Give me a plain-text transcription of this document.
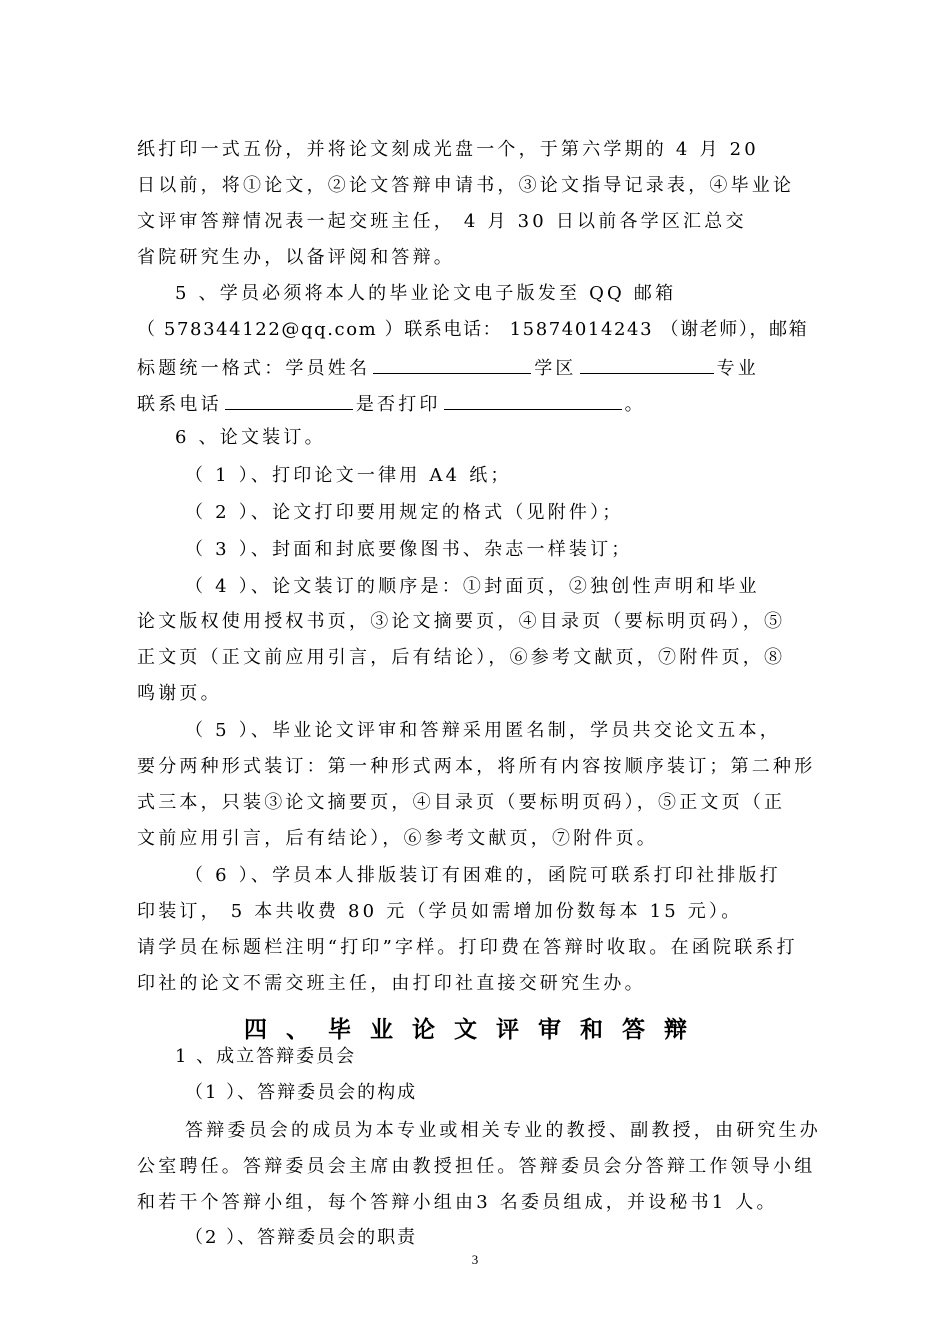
纸打印一式五份，并将论文刻成光盘一个，于第六学期的 4 月 20
日以前，将①论文，②论文答辩申请书，③论文指导记录表，④毕业论
文评审答辩情况表一起交班主任， 4 月 30 日以前各学区汇总交
省院研究生办，以备评阅和答辩。
5 、学员必须将本人的毕业论文电子版发至 QQ 邮箱
（ 578344122@qq.com ）联系电话： 15874014243 （谢老师），邮箱
标题统一格式：学员姓名	学区	专业
联系电话	是否打印	。
6 、论文装订。
（ 1 ）、打印论文一律用 A4 纸；
（ 2 ）、论文打印要用规定的格式（见附件）；
（ 3 ）、封面和封底要像图书、杂志一样装订；
（ 4 ）、论文装订的顺序是：①封面页，②独创性声明和毕业
论文版权使用授权书页，③论文摘要页，④目录页（要标明页码），⑤
正文页（正文前应用引言，后有结论），⑥参考文献页，⑦附件页，⑧
鸣谢页。
（ 5 ）、毕业论文评审和答辩采用匿名制，学员共交论文五本，
要分两种形式装订：第一种形式两本，将所有内容按顺序装订；第二种形
式三本，只装③论文摘要页，④目录页（要标明页码），⑤正文页（正
文前应用引言，后有结论），⑥参考文献页，⑦附件页。
（ 6 ）、学员本人排版装订有困难的，函院可联系打印社排版打
印装订， 5 本共收费 80 元（学员如需增加份数每本 15 元）。
请学员在标题栏注明“打印”字样。打印费在答辩时收取。在函院联系打
印社的论文不需交班主任，由打印社直接交研究生办。
四、毕业论文评审和答辩
1 、成立答辩委员会
（1 ）、答辩委员会的构成
答辩委员会的成员为本专业或相关专业的教授、副教授，由研究生办
公室聘任。答辩委员会主席由教授担任。答辩委员会分答辩工作领导小组
和若干个答辩小组，每个答辩小组由3 名委员组成，并设秘书1 人。
（2 ）、答辩委员会的职责
3
